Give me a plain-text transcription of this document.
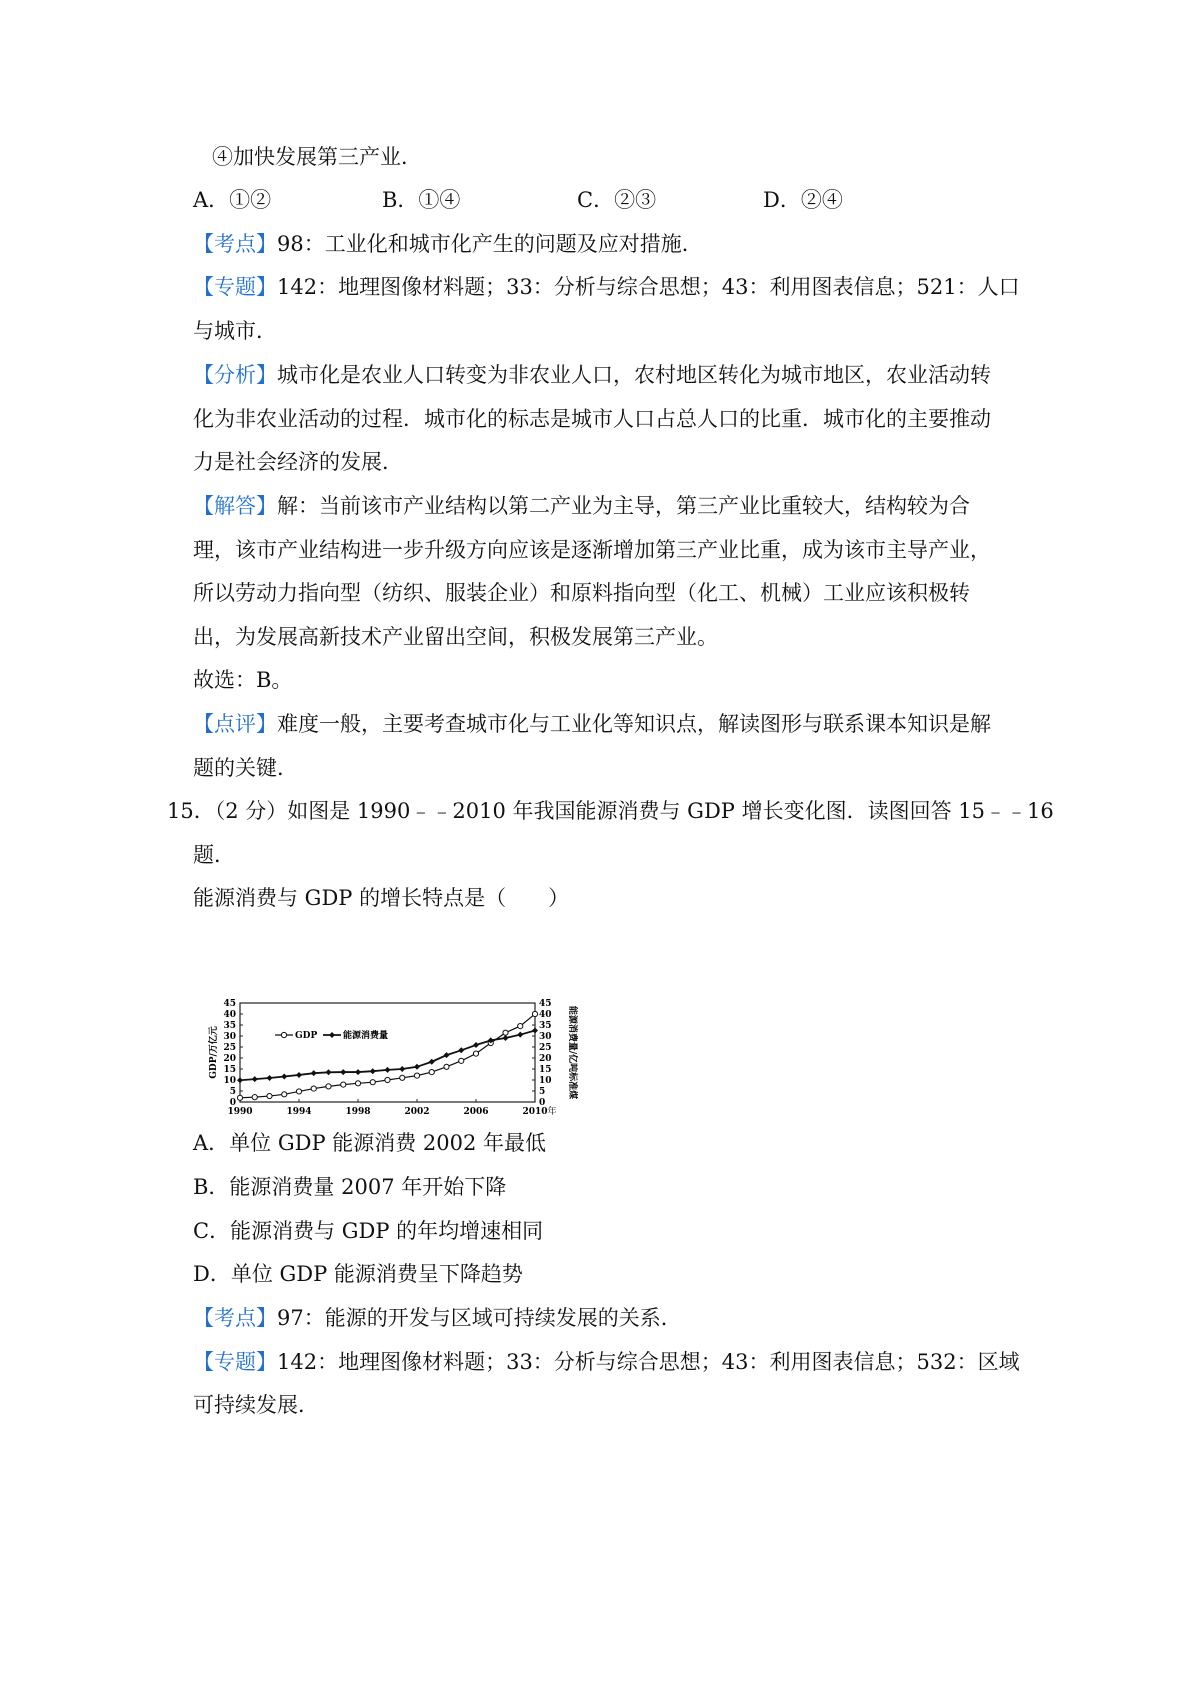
④加快发展第三产业．
A．①②	B．①④	C．②③	D．②④
【考点】98：工业化和城市化产生的问题及应对措施．
【专题】142：地理图像材料题；33：分析与综合思想；43：利用图表信息；521：人口
与城市．
【分析】城市化是农业人口转变为非农业人口，农村地区转化为城市地区，农业活动转
化为非农业活动的过程．城市化的标志是城市人口占总人口的比重．城市化的主要推动
力是社会经济的发展．
【解答】解：当前该市产业结构以第二产业为主导，第三产业比重较大，结构较为合
理，该市产业结构进一步升级方向应该是逐渐增加第三产业比重，成为该市主导产业，
所以劳动力指向型（纺织、服装企业）和原料指向型（化工、机械）工业应该积极转
出，为发展高新技术产业留出空间，积极发展第三产业。
故选：B。
【点评】难度一般，主要考查城市化与工业化等知识点，解读图形与联系课本知识是解
题的关键．
15．（2 分）如图是 1990﹣﹣2010 年我国能源消费与 GDP 增长变化图．读图回答 15﹣﹣16
题．
能源消费与 GDP 的增长特点是（　　）
0	0
5	5
10	10
15	15
20	20
25	25
30	30
35	35
40	40
45	45
1990	1994	1998	2002	2006	2010 年
GDP/万亿元	能源消费量/亿吨标准煤
GDP	能源消费量
A．单位 GDP 能源消费 2002 年最低
B．能源消费量 2007 年开始下降
C．能源消费与 GDP 的年均增速相同
D．单位 GDP 能源消费呈下降趋势
【考点】97：能源的开发与区域可持续发展的关系．
【专题】142：地理图像材料题；33：分析与综合思想；43：利用图表信息；532：区域
可持续发展．
